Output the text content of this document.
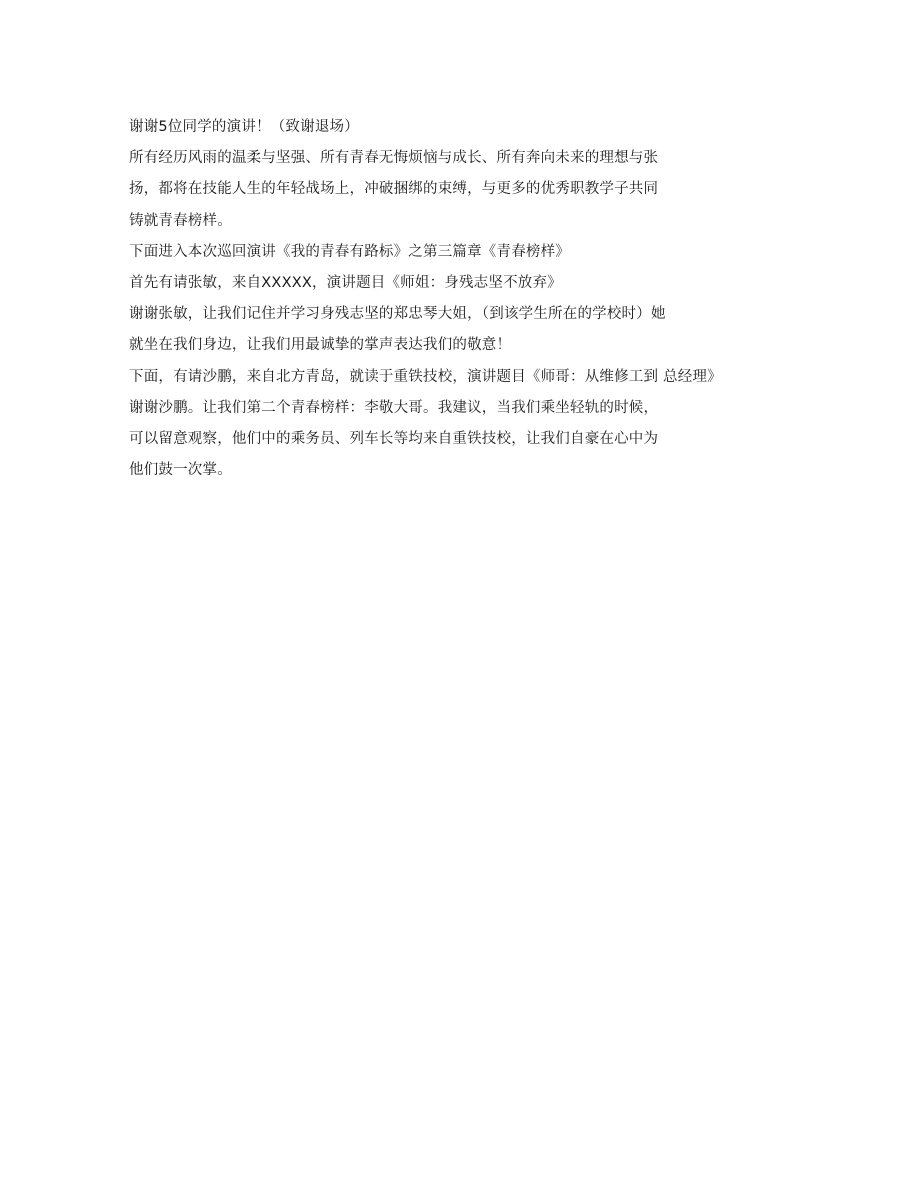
谢谢5位同学的演讲！（致谢退场）

所有经历风雨的温柔与坚强、所有青春无悔烦恼与成长、所有奔向未来的理想与张

扬，都将在技能人生的年轻战场上，冲破捆绑的束缚，与更多的优秀职教学子共同

铸就青春榜样。

下面进入本次巡回演讲《我的青春有路标》之第三篇章《青春榜样》

首先有请张敏，来自XXXXX，演讲题目《师姐：身残志坚不放弃》

谢谢张敏，让我们记住并学习身残志坚的郑忠琴大姐，（到该学生所在的学校时）她

就坐在我们身边，让我们用最诚挚的掌声表达我们的敬意！

下面，有请沙鹏，来自北方青岛，就读于重铁技校，演讲题目《师哥：从维修工到 总经理》

谢谢沙鹏。让我们第二个青春榜样：李敬大哥。我建议，当我们乘坐轻轨的时候，

可以留意观察，他们中的乘务员、列车长等均来自重铁技校，让我们自豪在心中为

他们鼓一次掌。
